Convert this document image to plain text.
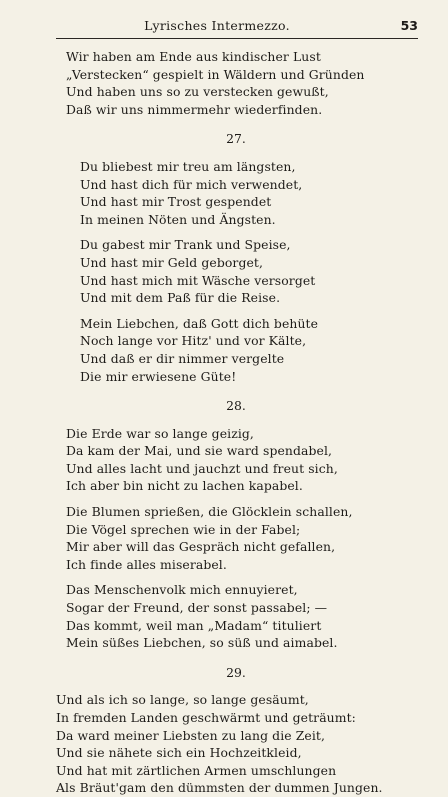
Lyrisches Intermezzo.	53
Wir haben am Ende aus kindischer Lust
„Verstecken“ gespielt in Wäldern und Gründen
Und haben uns so zu verstecken gewußt,
Daß wir uns nimmermehr wiederfinden.
27.
Du bliebest mir treu am längsten,
Und hast dich für mich verwendet,
Und hast mir Trost gespendet
In meinen Nöten und Ängsten.
Du gabest mir Trank und Speise,
Und hast mir Geld geborget,
Und hast mich mit Wäsche versorget
Und mit dem Paß für die Reise.
Mein Liebchen, daß Gott dich behüte
Noch lange vor Hitz' und vor Kälte,
Und daß er dir nimmer vergelte
Die mir erwiesene Güte!
28.
Die Erde war so lange geizig,
Da kam der Mai, und sie ward spendabel,
Und alles lacht und jauchzt und freut sich,
Ich aber bin nicht zu lachen kapabel.
Die Blumen sprießen, die Glöcklein schallen,
Die Vögel sprechen wie in der Fabel;
Mir aber will das Gespräch nicht gefallen,
Ich finde alles miserabel.
Das Menschenvolk mich ennuyieret,
Sogar der Freund, der sonst passabel; —
Das kommt, weil man „Madam“ tituliert
Mein süßes Liebchen, so süß und aimabel.
29.
Und als ich so lange, so lange gesäumt,
In fremden Landen geschwärmt und geträumt:
Da ward meiner Liebsten zu lang die Zeit,
Und sie nähete sich ein Hochzeitkleid,
Und hat mit zärtlichen Armen umschlungen
Als Bräut'gam den dümmsten der dummen Jungen.
